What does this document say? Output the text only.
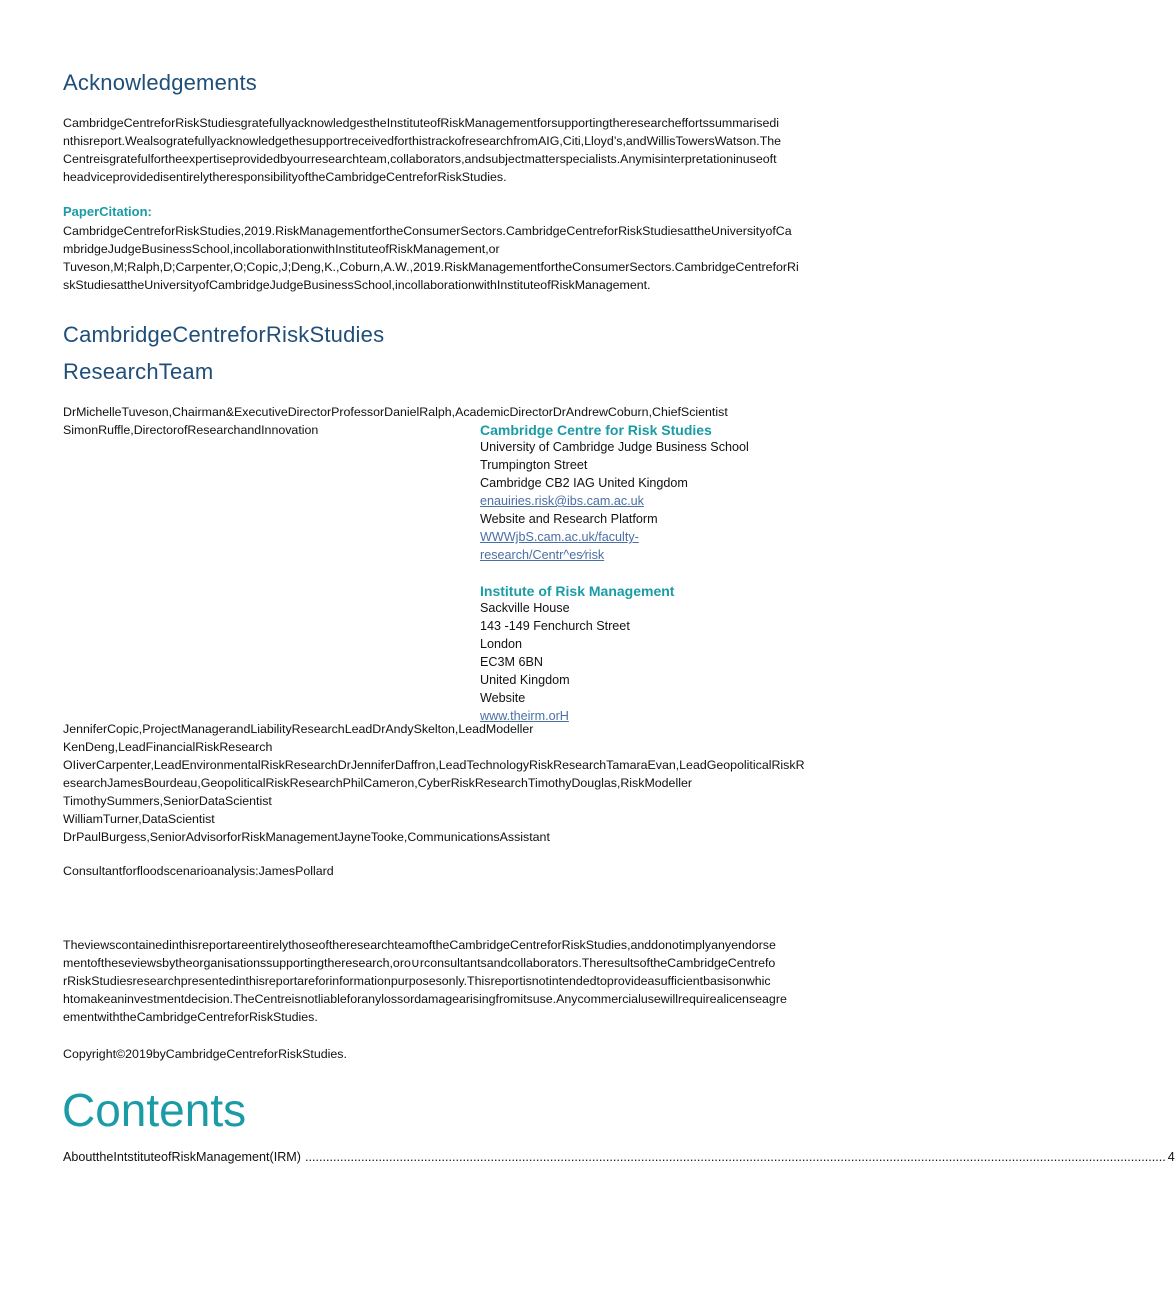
Acknowledgements
CambridgeCentreforRiskStudiesgratefullyacknowledgestheInstituteofRiskManagementforsupportingtheresearcheffortssummarisedi
nthisreport.WealsogratefullyacknowledgethesupportreceivedforthistrackofresearchfromAIG,Citi,Lloyd’s,andWillisTowersWatson.The
Centreisgratefulfortheexpertiseprovidedbyourresearchteam,collaborators,andsubjectmatterspecialists.Anymisinterpretationinuseoft
headviceprovidedisentirelytheresponsibilityoftheCambridgeCentreforRiskStudies.
PaperCitation:
CambridgeCentreforRiskStudies,2019.RiskManagementfortheConsumerSectors.CambridgeCentreforRiskStudiesattheUniversityofCa
mbridgeJudgeBusinessSchool,incollaborationwithInstituteofRiskManagement,or
Tuveson,M;Ralph,D;Carpenter,O;Copic,J;Deng,K.,Coburn,A.W.,2019.RiskManagementfortheConsumerSectors.CambridgeCentreforRi
skStudiesattheUniversityofCambridgeJudgeBusinessSchool,incollaborationwithInstituteofRiskManagement.
CambridgeCentreforRiskStudies
ResearchTeam
DrMichelleTuveson,Chairman&ExecutiveDirectorProfessorDanielRalph,AcademicDirectorDrAndrewCoburn,ChiefScientist
SimonRuffle,DirectorofResearchandInnovation	Cambridge Centre for Risk Studies
University of Cambridge Judge Business School
Trumpington Street
Cambridge CB2 IAG United Kingdom
enauiries.risk@ibs.cam.ac.uk
Website and Research Platform
WWWjbS.cam.ac.uk/faculty-
research/Centr^es⁄risk
Institute of Risk Management
Sackville House
143 -149 Fenchurch Street
London
EC3M 6BN
United Kingdom
Website
www.theirm.orH
JenniferCopic,ProjectManagerandLiabilityResearchLeadDrAndySkelton,LeadModeller
KenDeng,LeadFinancialRiskResearch
OIiverCarpenter,LeadEnvironmentalRiskResearchDrJenniferDaffron,LeadTechnologyRiskResearchTamaraEvan,LeadGeopoliticalRiskR
esearchJamesBourdeau,GeopoliticalRiskResearchPhilCameron,CyberRiskResearchTimothyDouglas,RiskModeller
TimothySummers,SeniorDataScientist
WilliamTurner,DataScientist
DrPaulBurgess,SeniorAdvisorforRiskManagementJayneTooke,CommunicationsAssistant
Consultantforfloodscenarioanalysis:JamesPollard
TheviewscontainedinthisreportareentirelythoseoftheresearchteamoftheCambridgeCentreforRiskStudies,anddonotimplyanyendorse
mentoftheseviewsbytheorganisationssupportingtheresearch,oro∪rconsultantsandcollaborators.TheresultsoftheCambridgeCentrefo
rRiskStudiesresearchpresentedinthisreportareforinformationpurposesonly.Thisreportisnotintendedtoprovideasufficientbasisonwhic
htomakeaninvestmentdecision.TheCentreisnotliableforanylossordamagearisingfromitsuse.Anycommercialusewillrequirealicenseagre
ementwiththeCambridgeCentreforRiskStudies.
Copyright©2019byCambridgeCentreforRiskStudies.
Contents
AbouttheIntstituteofRiskManagement(IRM) ...................................................................................................................................................................................................................................................... 4
